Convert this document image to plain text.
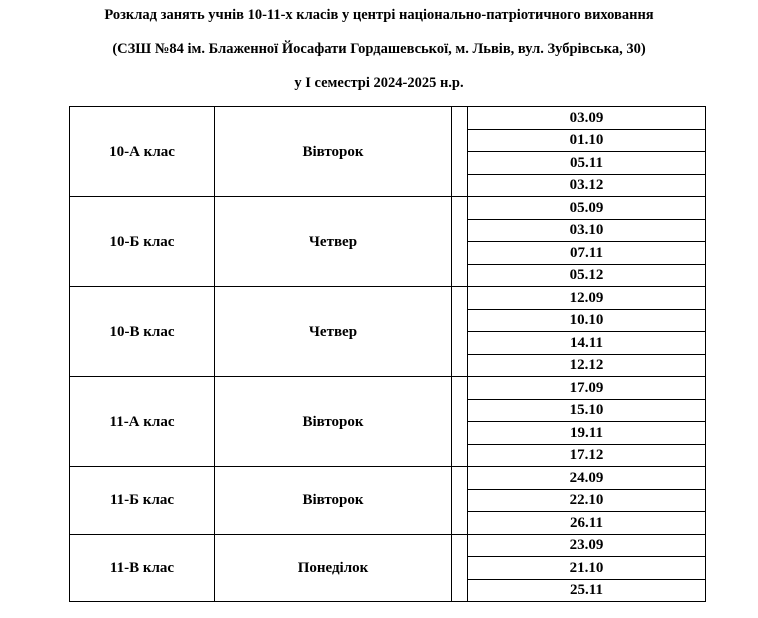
Розклад занять учнів 10-11-х класів у центрі національно-патріотичного виховання
(СЗШ №84 ім. Блаженної Йосафати Гордашевської, м. Львів, вул. Зубрівська, 30)
у І семестрі 2024-2025 н.р.
10-А клас	Вівторок		03.09
			01.10
			05.11
			03.12
10-Б клас	Четвер		05.09
			03.10
			07.11
			05.12
10-В клас	Четвер		12.09
			10.10
			14.11
			12.12
11-А клас	Вівторок		17.09
			15.10
			19.11
			17.12
11-Б клас	Вівторок		24.09
			22.10
			26.11
11-В клас	Понеділок		23.09
			21.10
			25.11
